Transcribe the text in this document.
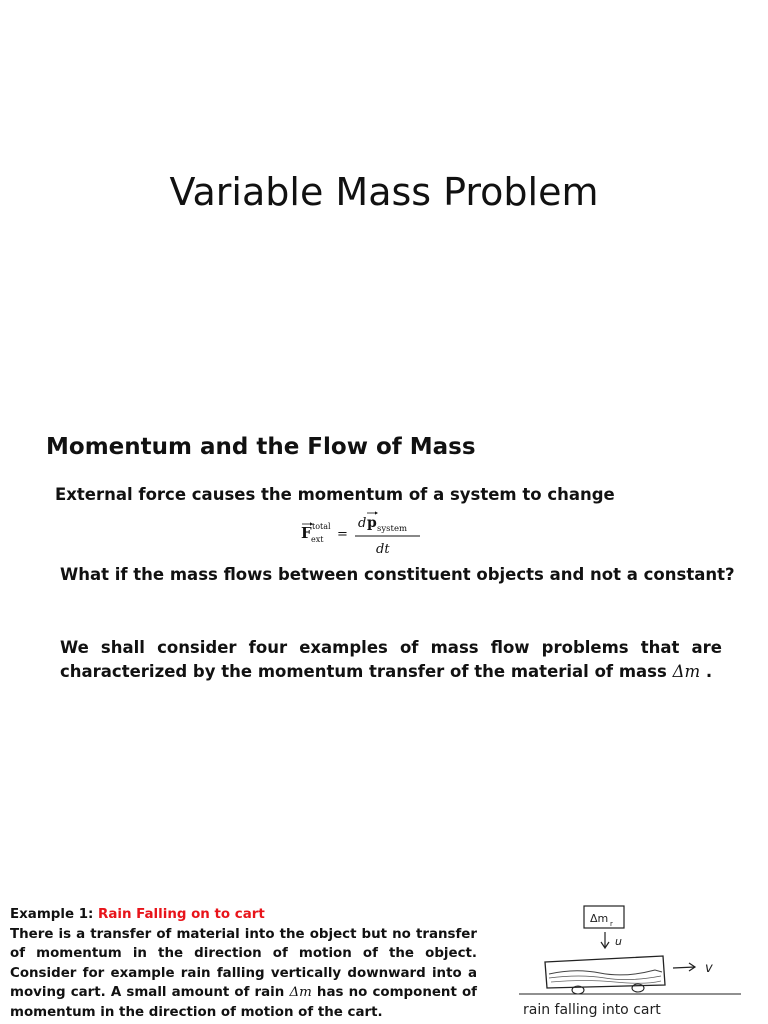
Variable Mass Problem
Momentum and the Flow of Mass
External force causes the momentum of a system to change
F total
ext =
d p system
dt
What if the mass flows between constituent objects and not a constant?
We shall consider four examples of mass flow problems that are characterized by the momentum transfer of the material of mass Δm .
Example 1: Rain Falling on to cart
There is a transfer of material into the object but no transfer of momentum in the direction of motion of the object. Consider for example rain falling vertically downward into a moving cart. A small amount of rain Δm has no component of momentum in the direction of motion of the cart.
Δm r
u
v
rain falling into cart
